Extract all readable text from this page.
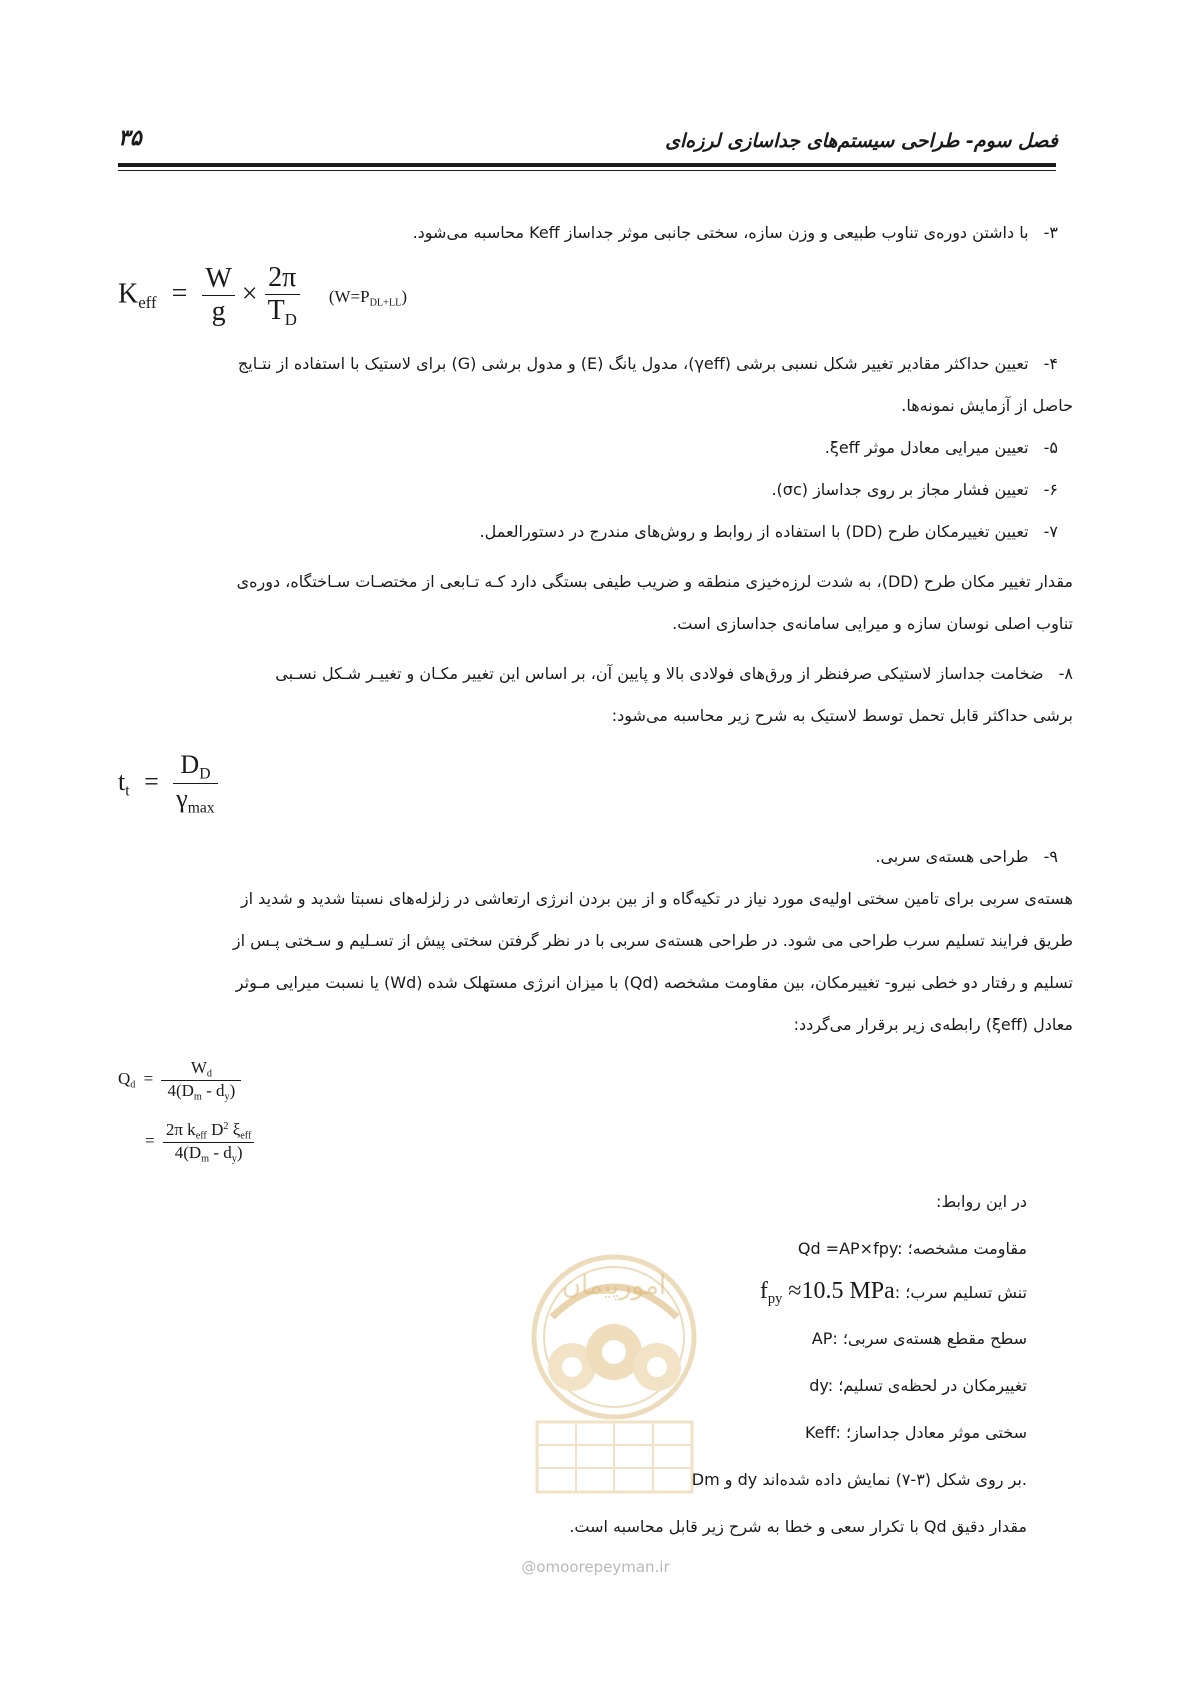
فصل سوم- طراحی سیستم‌های جداسازی لرزه‌ای
۳۵
۳- با داشتن دوره‌ی تناوب طبیعی و وزن سازه، سختی جانبی موثر جداساز Keff محاسبه می‌شود.
$K_{eff} = \frac{W}{g} \times \frac{2\pi}{T_D} (W=P_{DL+LL})$
۴- تعیین حداکثر مقادیر تغییر شکل نسبی برشی (γeff)، مدول یانگ (E) و مدول برشی (G) برای لاستیک با استفاده از نتـایج
حاصل از آزمایش نمونه‌ها.
۵- تعیین میرایی معادل موثر ξeff.
۶- تعیین فشار مجاز بر روی جداساز (σc).
۷- تعیین تغییرمکان طرح (DD) با استفاده از روابط و روش‌های مندرج در دستورالعمل.
مقدار تغییر مکان طرح (DD)، به شدت لرزه‌خیزی منطقه و ضریب طیفی بستگی دارد کـه تـابعی از مختصـات سـاختگاه، دوره‌ی
تناوب اصلی نوسان سازه و میرایی سامانه‌ی جداسازی است.
۸- ضخامت جداساز لاستیکی صرفنظر از ورق‌های فولادی بالا و پایین آن، بر اساس این تغییر مکـان و تغییـر شـکل نسـبی
برشی حداکثر قابل تحمل توسط لاستیک به شرح زیر محاسبه می‌شود:
$t_t = \frac{D_D}{\gamma_{max}}$
۹- طراحی هسته‌ی سربی.
هسته‌ی سربی برای تامین سختی اولیه‌ی مورد نیاز در تکیه‌گاه و از بین بردن انرژی ارتعاشی در زلزله‌های نسبتا شدید و شدید از
طریق فرایند تسلیم سرب طراحی می شود. در طراحی هسته‌ی سربی با در نظر گرفتن سختی پیش از تسـلیم و سـختی پـس از
تسلیم و رفتار دو خطی نیرو- تغییرمکان، بین مقاومت مشخصه (Qd) با میزان انرژی مستهلک شده (Wd) یا نسبت میرایی مـوثر
معادل (ξeff) رابطه‌ی زیر برقرار می‌گردد:
$Q_d = \frac{W_d}{4(D_m - d_y)}$
= $\frac{2\pi k_{eff} D^2 \xi_{eff}}{4(D_m - d_y)}$
امورپیمان
@omoorepeyman.ir
در این روابط:
Qd =AP×fpy: مقاومت مشخصه؛
$f_{py} \approx 10.5$ MPa: تنش تسلیم سرب؛
AP: سطح مقطع هسته‌ی سربی؛
dy: تغییرمکان در لحظه‌ی تسلیم؛
Keff: سختی موثر معادل جداساز؛
Dm و dy بر روی شکل (۳-۷) نمایش داده شده‌اند.
مقدار دقیق Qd با تکرار سعی و خطا به شرح زیر قابل محاسبه است.
